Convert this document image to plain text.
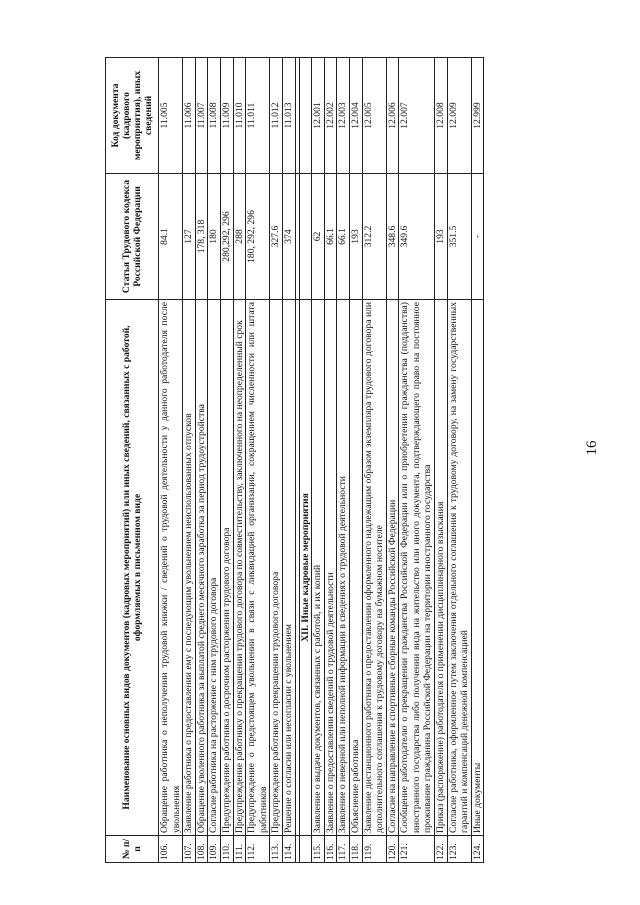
16
№ п/п	Наименование основных видов документов (кадровых мероприятий) или иных сведений, связанных с работой, оформляемых в письменном виде	Статья Трудового кодекса Российской Федерации	Код документа (кадрового мероприятия), иных сведений
106.	Обращение работника о неполучении трудовой книжки / сведений о трудовой деятельности у данного работодателя после увольнения	84.1	11.005
107.	Заявление работника о предоставлении ему с последующим увольнением неиспользованных отпусков	127	11.006
108.	Обращение уволенного работника за выплатой среднего месячного заработка за период трудоустройства	178, 318	11.007
109.	Согласие работника на расторжение с ним трудового договора	180	11.008
110.	Предупреждение работника о досрочном расторжении трудового договора	280,292, 296	11.009
111.	Предупреждение работнику о прекращении трудового договора по совместительству, заключенного на неопределенный срок	288	11.010
112.	Предупреждение о предстоящем увольнении в связи с ликвидацией организации, сокращением численности или штата работников	180, 292, 296	11.011
113.	Предупреждение работнику о прекращении трудового договора	327.6	11.012
114.	Решение о согласии или несогласии с увольнением	374	11.013

	XII. Иные кадровые мероприятия		
115.	Заявление о выдаче документов, связанных с работой, и их копий	62	12.001
116.	Заявление о предоставлении сведений о трудовой деятельности	66.1	12.002
117.	Заявление о неверной или неполной информации в сведениях о трудовой деятельности	66.1	12.003
118.	Объяснение работника	193	12.004
119.	Заявление дистанционного работника о предоставлении оформленного надлежащим образом экземпляра трудового договора или дополнительного соглашения к трудовому договору на бумажном носителе	312.2	12.005
120.	Согласие на направление в спортивные сборные команды Российской Федерации	348.6	12.006
121.	Сообщение работодателю о прекращении гражданства Российской Федерации или о приобретении гражданства (подданства) иностранного государства либо получении вида на жительство или иного документа, подтверждающего право на постоянное проживание гражданина Российской Федерации на территории иностранного государства	349.6	12.007
122.	Приказ (распоряжение) работодателя о применении дисциплинарного взыскания	193	12.008
123.	Согласие работника, оформленное путем заключения отдельного соглашения к трудовому договору, на замену государственных гарантий и компенсаций денежной компенсацией	351.5	12.009
124.	Иные документы	-	12.999
